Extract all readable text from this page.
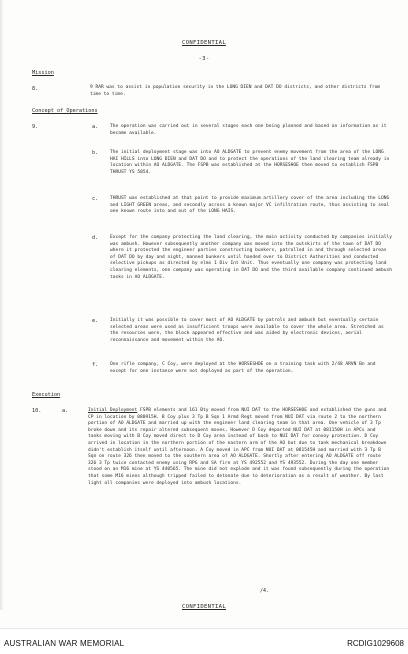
CONFIDENTIAL
-3-
Mission
8.	9 RAR was to assist in population security in the LONG DIEN and DAT DO districts, and other districts from time to time.
Concept of Operations
9.	a.	The operation was carried out in several stages each one being planned and based on information as it became available.
b.	The initial deployment stage was into AO ALDGATE to prevent enemy movement from the area of the LONG HAI HILLS into LONG DIEN and DAT DO and to protect the operations of the land clearing team already in location within AO ALDGATE. The FSPB was established at the HORSESHOE then moved to establish FSPB THRUST YS 5054.
c.	THRUST was established at that point to provide maximum artillery cover of the area including the LONG and LIGHT GREEN areas, and secondly across a known major VC infiltration route, thus assisting to seal one known route into and out of the LONG HAIS.
d.	Except for the company protecting the land clearing, the main activity conducted by companies initially was ambush. However subsequently another company was moved into the outskirts of the town of DAT DO where it protected the engineer parties constructing bunkers, patrolled in and through selected areas of DAT DO by day and night, manned bunkers until handed over to District Authorities and conducted selective pickups as directed by elms 1 Div Int Unit. Thus eventually one company was protecting land clearing elements, one company was operating in DAT DO and the third available company continued ambush tasks in AO ALDGATE.
e.	Initially it was possible to cover most of AO ALDGATE by patrols and ambush but eventually certain selected areas were used as insufficient troops were available to cover the whole area. Stretched as the resources were, the block appeared effective and was aided by electronic devices, aerial reconnaissance and movement within the AO.
f.	One rifle company, C Coy, were deployed at the HORSESHOE on a training task with 2/48 ARVN Bn and except for one instance were not deployed as part of the operation.
Execution
10.	a.	Initial Deployment FSPB elements and 161 Bty moved from NUI DAT to the HORSESHOE and established the guns and CP in location by 080915H. B Coy plus 3 Tp B Sqn 1 Armd Regt moved from NUI DAT via route 2 to the northern portion of AO ALDGATE and married up with the engineer land clearing team in that area. One vehicle of 3 Tp broke down and its repair altered subsequent moves. However D Coy departed NUI DAT at 081150H in APCs and tanks moving with B Coy moved direct to D Coy area instead of back to NUI DAT for convoy protection. D Coy arrived in location in the northern portion of the eastern arm of the AO but due to tank mechanical breakdown didn't establish itself until afternoon. A Coy moved in APC from NUI DAT at 081545H and married with 3 Tp B Sqn on route 326 then moved to the southern area of AO ALDGATE. Shortly after entering AO ALDGATE off route 326 3 Tp twice contacted enemy using RPG and SA fire at YS 492552 and YS 493552. During the day one member stood on an M16 mine at YS 440565. The mine did not explode and it was found subsequently during the operation that some M16 mines although tripped failed to detonate due to deterioration as a result of weather. By last light all companies were deployed into ambush locations.
/4.
CONFIDENTIAL
AUSTRALIAN WAR MEMORIAL	RCDIG1029608
